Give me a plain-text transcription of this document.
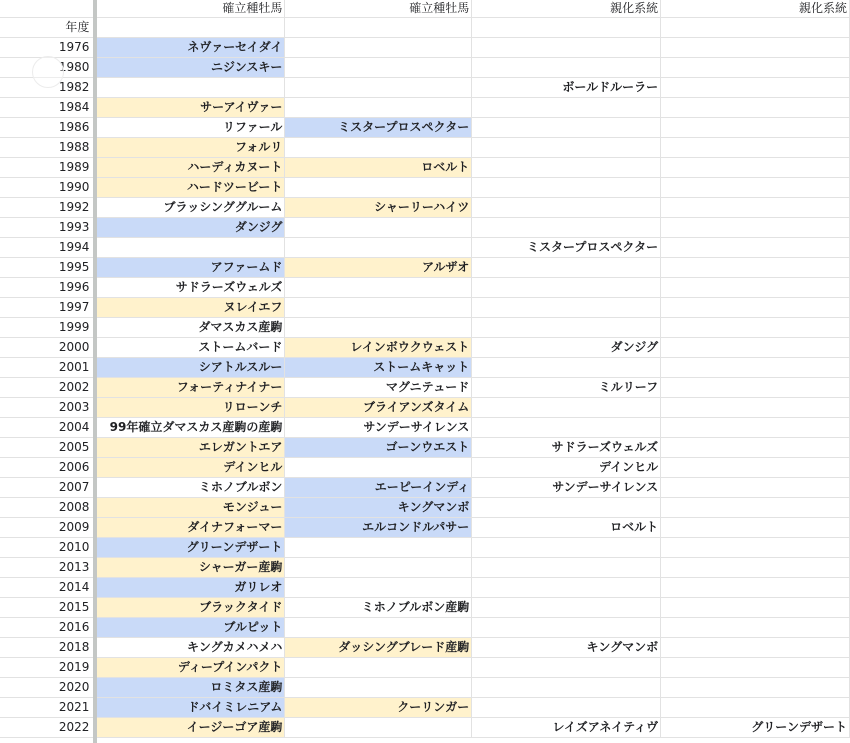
	確立種牡馬	確立種牡馬	親化系統	親化系統
年度				
1976	ネヴァーセイダイ			
1980	ニジンスキー			
1982			ボールドルーラー	
1984	サーアイヴァー			
1986	リファール	ミスタープロスペクター		
1988	フォルリ			
1989	ハーディカヌート	ロベルト		
1990	ハードツービート			
1992	ブラッシンググルーム	シャーリーハイツ		
1993	ダンジグ			
1994			ミスタープロスペクター	
1995	アファームド	アルザオ		
1996	サドラーズウェルズ			
1997	ヌレイエフ			
1999	ダマスカス産駒			
2000	ストームバード	レインボウクウェスト	ダンジグ	
2001	シアトルスルー	ストームキャット		
2002	フォーティナイナー	マグニテュード	ミルリーフ	
2003	リローンチ	ブライアンズタイム		
2004	99年確立ダマスカス産駒の産駒	サンデーサイレンス		
2005	エレガントエア	ゴーンウエスト	サドラーズウェルズ	
2006	デインヒル		デインヒル	
2007	ミホノブルボン	エーピーインディ	サンデーサイレンス	
2008	モンジュー	キングマンボ		
2009	ダイナフォーマー	エルコンドルパサー	ロベルト	
2010	グリーンデザート			
2013	シャーガー産駒			
2014	ガリレオ			
2015	ブラックタイド	ミホノブルボン産駒		
2016	ブルピット			
2018	キングカメハメハ	ダッシングブレード産駒	キングマンボ	
2019	ディープインパクト			
2020	ロミタス産駒			
2021	ドバイミレニアム	クーリンガー		
2022	イージーゴア産駒		レイズアネイティヴ	グリーンデザート
